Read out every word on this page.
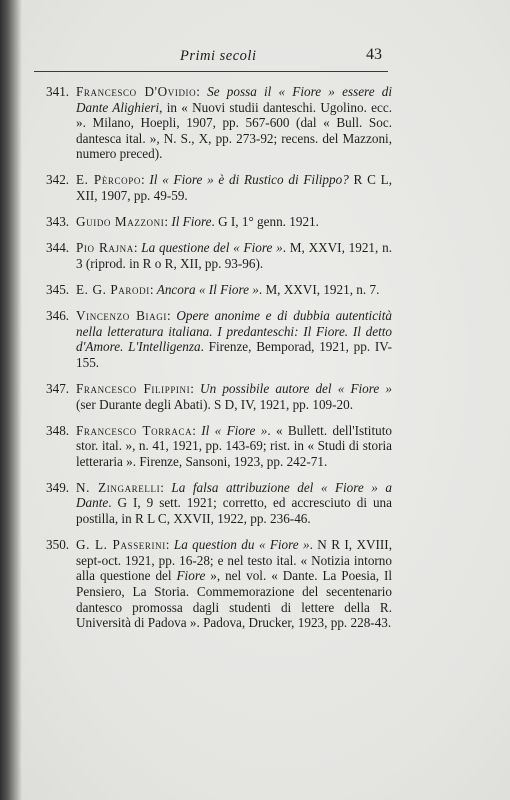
Primi secoli	43
341. Francesco D'Ovidio: Se possa il « Fiore » essere di Dante Alighieri, in « Nuovi studii danteschi. Ugolino. ecc. ». Milano, Hoepli, 1907, pp. 567-600 (dal « Bull. Soc. dantesca ital. », N. S., X, pp. 273-92; recens. del Mazzoni, numero preced).
342. E. Pèrcopo: Il « Fiore » è di Rustico di Filippo? R C L, XII, 1907, pp. 49-59.
343. Guido Mazzoni: Il Fiore. G I, 1° genn. 1921.
344. Pio Rajna: La questione del « Fiore ». M, XXVI, 1921, n. 3 (riprod. in R o R, XII, pp. 93-96).
345. E. G. Parodi: Ancora « Il Fiore ». M, XXVI, 1921, n. 7.
346. Vincenzo Biagi: Opere anonime e di dubbia autenticità nella letteratura italiana. I predanteschi: Il Fiore. Il detto d'Amore. L'Intelligenza. Firenze, Bemporad, 1921, pp. IV-155.
347. Francesco Filippini: Un possibile autore del « Fiore » (ser Durante degli Abati). S D, IV, 1921, pp. 109-20.
348. Francesco Torraca: Il « Fiore ». « Bullett. dell'Istituto stor. ital. », n. 41, 1921, pp. 143-69; rist. in « Studi di storia letteraria ». Firenze, Sansoni, 1923, pp. 242-71.
349. N. Zingarelli: La falsa attribuzione del « Fiore » a Dante. G I, 9 sett. 1921; corretto, ed accresciuto di una postilla, in R L C, XXVII, 1922, pp. 236-46.
350. G. L. Passerini: La question du « Fiore ». N R I, XVIII, sept-oct. 1921, pp. 16-28; e nel testo ital. « Notizia intorno alla questione del Fiore », nel vol. « Dante. La Poesia, Il Pensiero, La Storia. Commemorazione del secentenario dantesco promossa dagli studenti di lettere della R. Università di Padova ». Padova, Drucker, 1923, pp. 228-43.
